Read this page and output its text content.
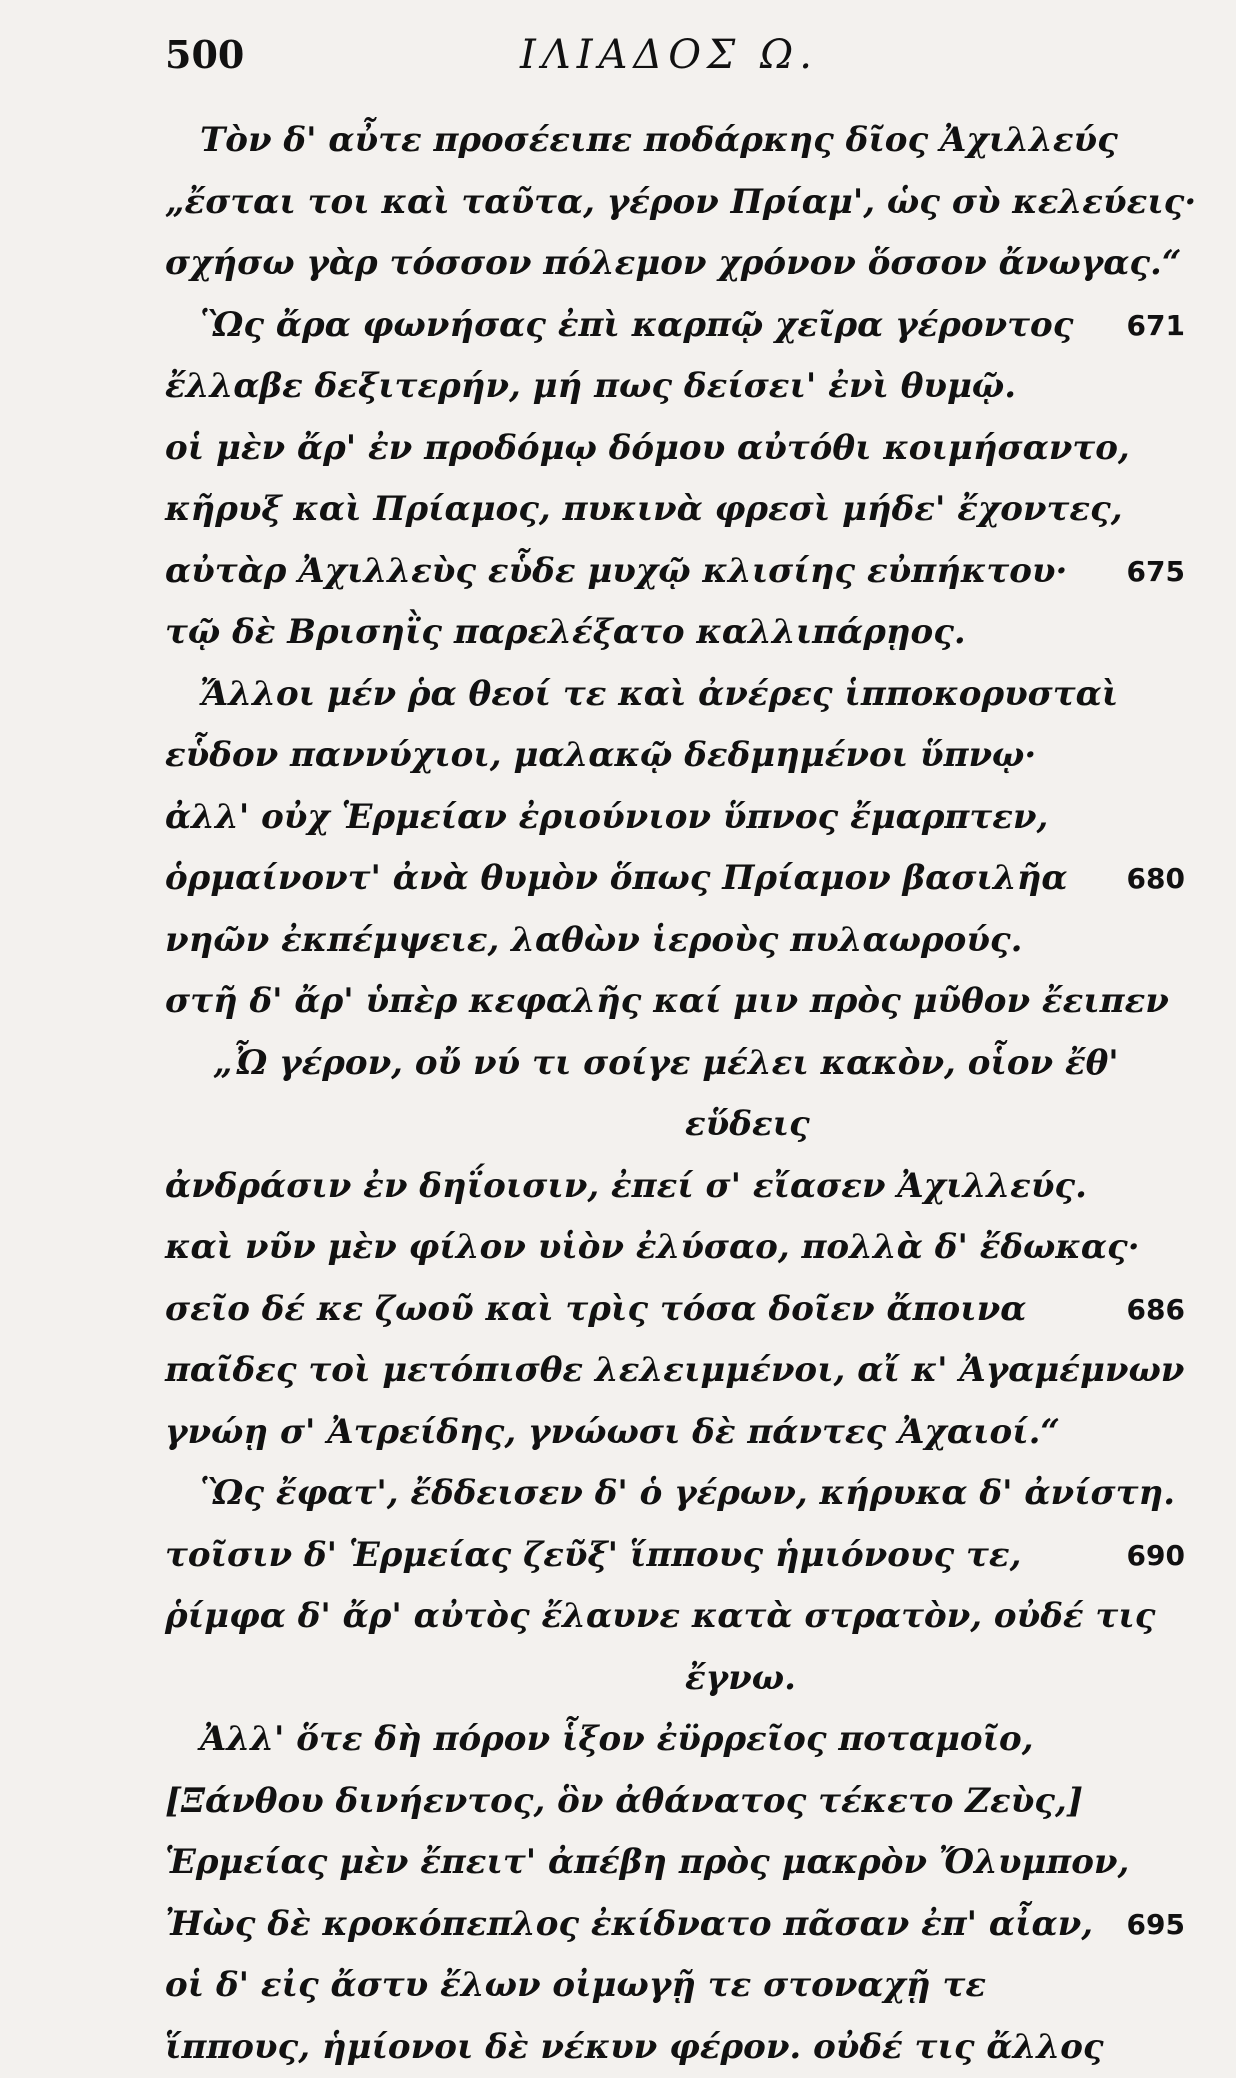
500	ΙΛΙΑΔΟΣ Ω.
Τὸν δ' αὖτε προσέειπε ποδάρκης δῖος Ἀχιλλεύς
„ἔσται τοι καὶ ταῦτα, γέρον Πρίαμ', ὡς σὺ κελεύεις·
σχήσω γὰρ τόσσον πόλεμον χρόνον ὅσσον ἄνωγας.“
Ὣς ἄρα φωνήσας ἐπὶ καρπῷ χεῖρα γέροντος 671
ἔλλαβε δεξιτερήν, μή πως δείσει' ἐνὶ θυμῷ.
οἱ μὲν ἄρ' ἐν προδόμῳ δόμου αὐτόθι κοιμήσαντο,
κῆρυξ καὶ Πρίαμος, πυκινὰ φρεσὶ μήδε' ἔχοντες,
αὐτὰρ Ἀχιλλεὺς εὗδε μυχῷ κλισίης εὐπήκτου· 675
τῷ δὲ Βρισηῒς παρελέξατο καλλιπάρῃος.
Ἄλλοι μέν ῥα θεοί τε καὶ ἀνέρες ἱπποκορυσταὶ
εὗδον παννύχιοι, μαλακῷ δεδμημένοι ὕπνῳ·
ἀλλ' οὐχ Ἑρμείαν ἐριούνιον ὕπνος ἔμαρπτεν,
ὁρμαίνοντ' ἀνὰ θυμὸν ὅπως Πρίαμον βασιλῆα 680
νηῶν ἐκπέμψειε, λαθὼν ἱεροὺς πυλαωρούς.
στῆ δ' ἄρ' ὑπὲρ κεφαλῆς καί μιν πρὸς μῦθον ἔειπεν
„Ὦ γέρον, οὔ νύ τι σοίγε μέλει κακὸν, οἷον ἔθ'
εὕδεις
ἀνδράσιν ἐν δηΐοισιν, ἐπεί σ' εἴασεν Ἀχιλλεύς.
καὶ νῦν μὲν φίλον υἱὸν ἐλύσαο, πολλὰ δ' ἔδωκας·
σεῖο δέ κε ζωοῦ καὶ τρὶς τόσα δοῖεν ἄποινα	686
παῖδες τοὶ μετόπισθε λελειμμένοι, αἴ κ' Ἀγαμέμνων
γνώῃ σ' Ἀτρείδης, γνώωσι δὲ πάντες Ἀχαιοί.“
Ὣς ἔφατ', ἔδδεισεν δ' ὁ γέρων, κήρυκα δ' ἀνίστη.
τοῖσιν δ' Ἑρμείας ζεῦξ' ἵππους ἡμιόνους τε,	690
ῥίμφα δ' ἄρ' αὐτὸς ἔλαυνε κατὰ στρατὸν, οὐδέ τις
ἔγνω.
Ἀλλ' ὅτε δὴ πόρον ἷξον ἐϋρρεῖος ποταμοῖο,
[Ξάνθου δινήεντος, ὃν ἀθάνατος τέκετο Ζεὺς,]
Ἑρμείας μὲν ἔπειτ' ἀπέβη πρὸς μακρὸν Ὄλυμπον,
Ἠὼς δὲ κροκόπεπλος ἐκίδνατο πᾶσαν ἐπ' αἶαν, 695
οἱ δ' εἰς ἄστυ ἔλων οἰμωγῇ τε στοναχῇ τε
ἵππους, ἡμίονοι δὲ νέκυν φέρον. οὐδέ τις ἄλλος
